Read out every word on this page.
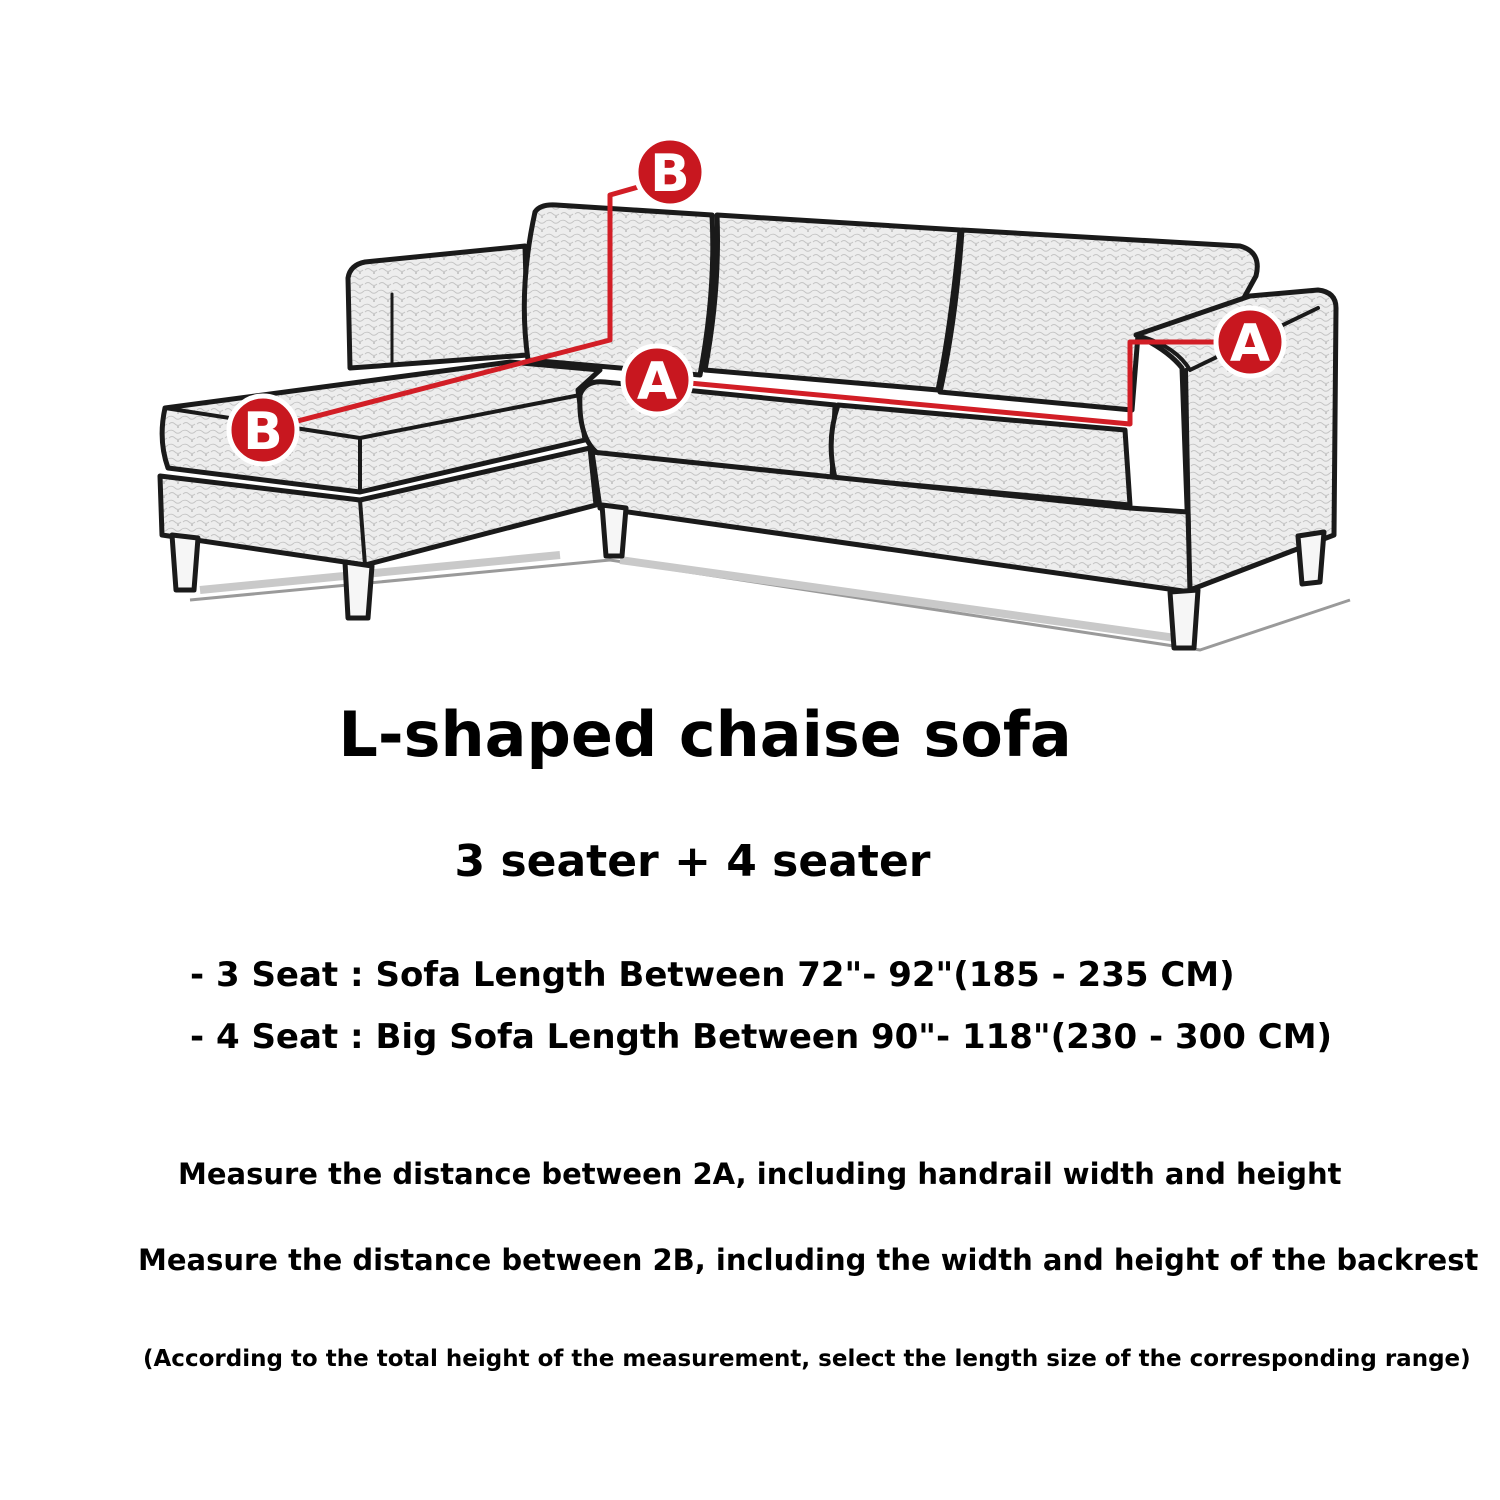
B
B
A
A
L-shaped chaise sofa
3 seater + 4 seater
- 3 Seat : Sofa Length Between 72"- 92"(185 - 235 CM)
- 4 Seat : Big Sofa Length Between 90"- 118"(230 - 300 CM)
Measure the distance between 2A, including handrail width and height
Measure the distance between 2B, including the width and height of the backrest
(According to the total height of the measurement, select the length size of the corresponding range)
